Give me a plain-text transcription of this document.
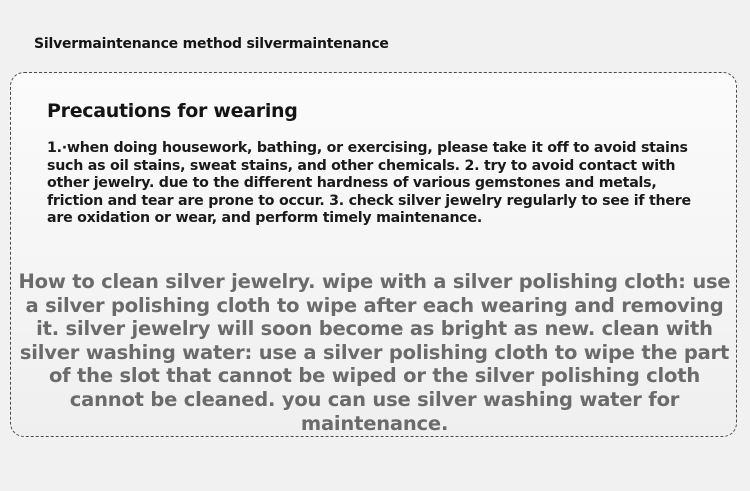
Silvermaintenance method silvermaintenance
Precautions for wearing
1.·when doing housework, bathing, or exercising, please take it off to avoid stains such as oil stains, sweat stains, and other chemicals. 2. try to avoid contact with other jewelry. due to the different hardness of various gemstones and metals, friction and tear are prone to occur. 3. check silver jewelry regularly to see if there are oxidation or wear, and perform timely maintenance.
How to clean silver jewelry. wipe with a silver polishing cloth: use a silver polishing cloth to wipe after each wearing and removing it. silver jewelry will soon become as bright as new. clean with silver washing water: use a silver polishing cloth to wipe the part of the slot that cannot be wiped or the silver polishing cloth cannot be cleaned. you can use silver washing water for maintenance.
